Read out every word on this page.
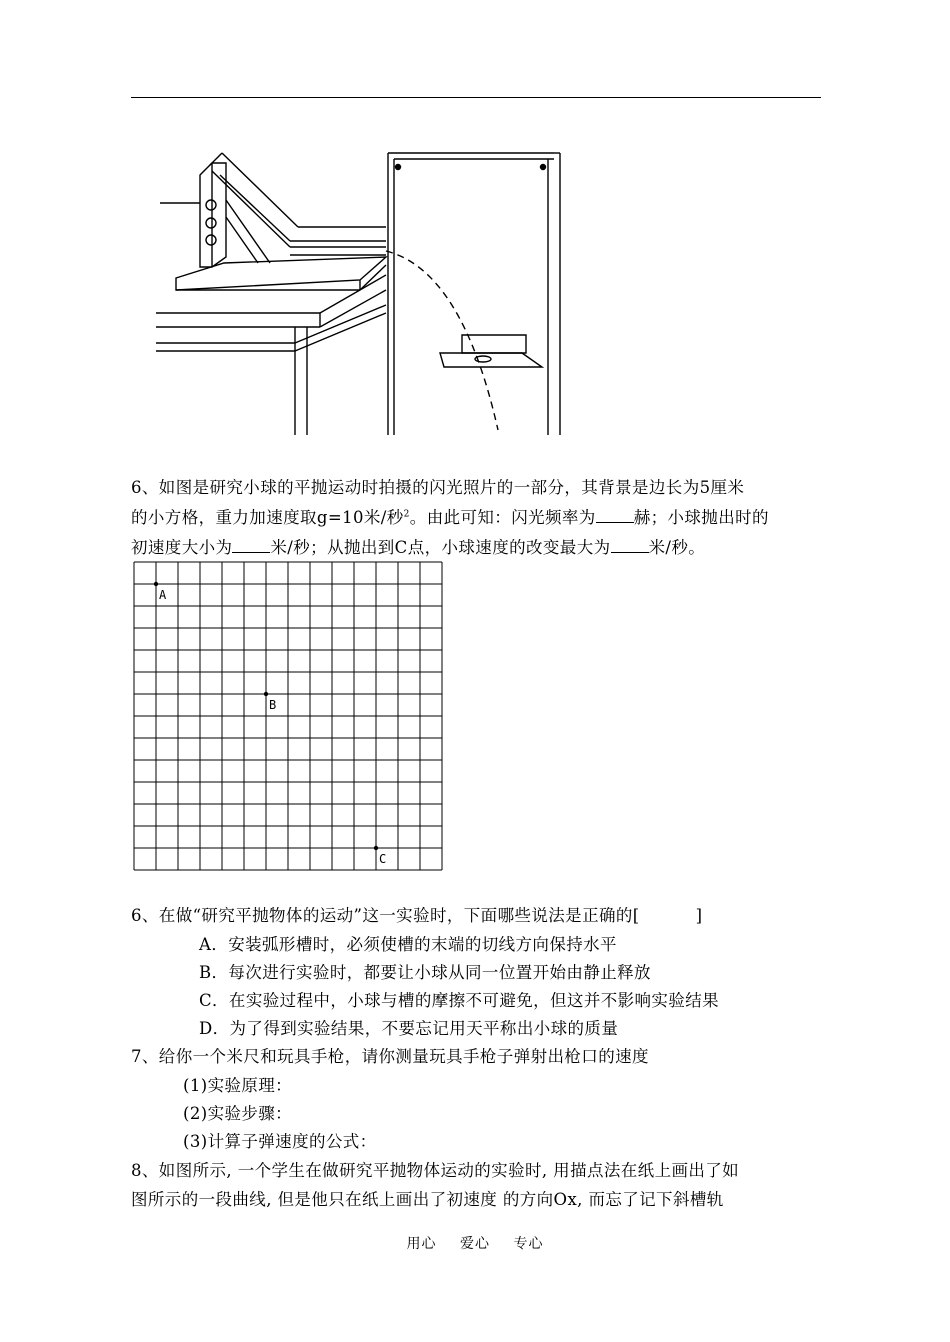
6、如图是研究小球的平抛运动时拍摄的闪光照片的一部分，其背景是边长为5厘米
的小方格，重力加速度取g=10米/秒$^2$。由此可知：闪光频率为 赫；小球抛出时的
初速度大小为 米/秒；从抛出到C点，小球速度的改变最大为 米/秒。
A
B
C
6、在做“研究平抛物体的运动”这一实验时，下面哪些说法是正确的[	]
A．安装弧形槽时，必须使槽的末端的切线方向保持水平
B．每次进行实验时，都要让小球从同一位置开始由静止释放
C．在实验过程中，小球与槽的摩擦不可避免，但这并不影响实验结果
D．为了得到实验结果，不要忘记用天平称出小球的质量
7、给你一个米尺和玩具手枪，请你测量玩具手枪子弹射出枪口的速度
(1)实验原理：
(2)实验步骤：
(3)计算子弹速度的公式：
8、如图所示, 一个学生在做研究平抛物体运动的实验时, 用描点法在纸上画出了如
图所示的一段曲线, 但是他只在纸上画出了初速度 的方向Ox, 而忘了记下斜槽轨
用心 爱心 专心
